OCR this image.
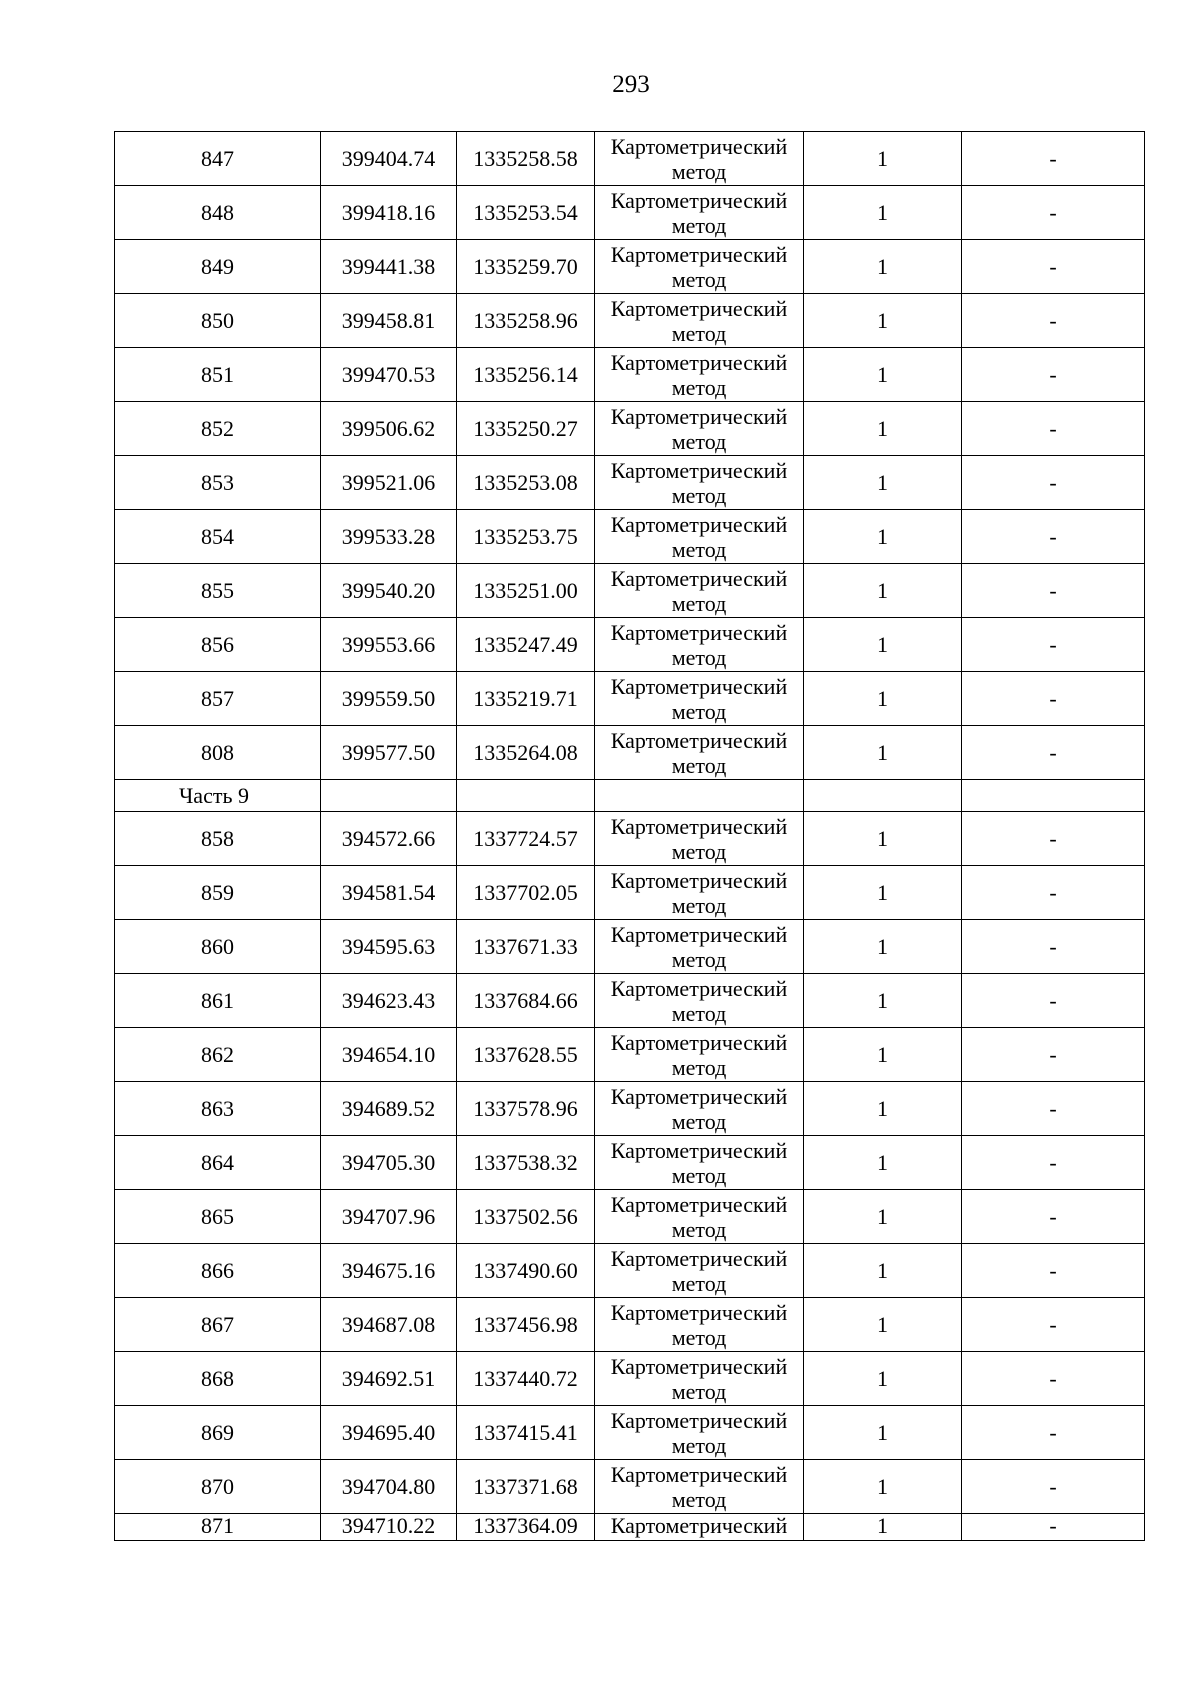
293
847	399404.74	1335258.58	Картометрический метод	1	-
848	399418.16	1335253.54	Картометрический метод	1	-
849	399441.38	1335259.70	Картометрический метод	1	-
850	399458.81	1335258.96	Картометрический метод	1	-
851	399470.53	1335256.14	Картометрический метод	1	-
852	399506.62	1335250.27	Картометрический метод	1	-
853	399521.06	1335253.08	Картометрический метод	1	-
854	399533.28	1335253.75	Картометрический метод	1	-
855	399540.20	1335251.00	Картометрический метод	1	-
856	399553.66	1335247.49	Картометрический метод	1	-
857	399559.50	1335219.71	Картометрический метод	1	-
808	399577.50	1335264.08	Картометрический метод	1	-
Часть 9					
858	394572.66	1337724.57	Картометрический метод	1	-
859	394581.54	1337702.05	Картометрический метод	1	-
860	394595.63	1337671.33	Картометрический метод	1	-
861	394623.43	1337684.66	Картометрический метод	1	-
862	394654.10	1337628.55	Картометрический метод	1	-
863	394689.52	1337578.96	Картометрический метод	1	-
864	394705.30	1337538.32	Картометрический метод	1	-
865	394707.96	1337502.56	Картометрический метод	1	-
866	394675.16	1337490.60	Картометрический метод	1	-
867	394687.08	1337456.98	Картометрический метод	1	-
868	394692.51	1337440.72	Картометрический метод	1	-
869	394695.40	1337415.41	Картометрический метод	1	-
870	394704.80	1337371.68	Картометрический метод	1	-
871	394710.22	1337364.09	Картометрический	1	-
